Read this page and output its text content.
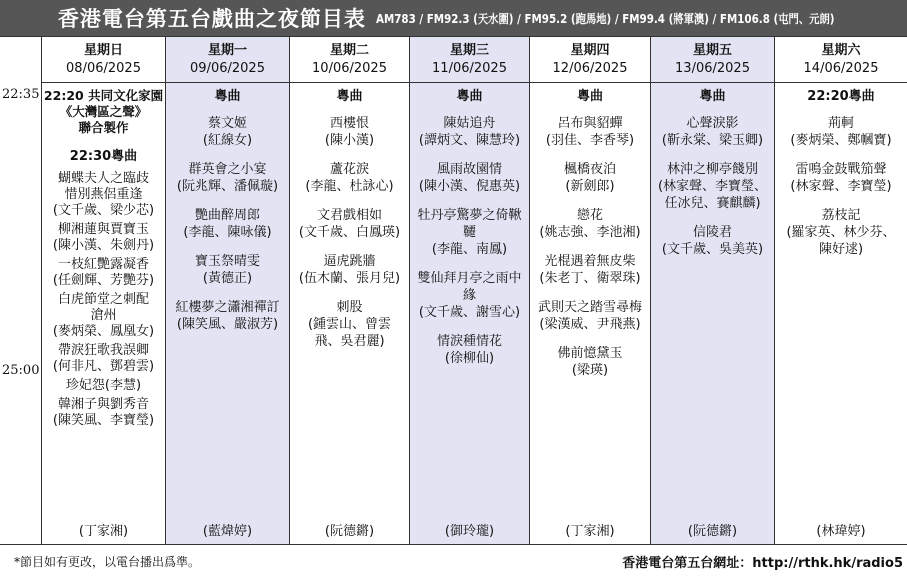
香港電台第五台戲曲之夜節目表 AM783 / FM92.3 (天水圍) / FM95.2 (跑馬地) / FM99.4 (將軍澳) / FM106.8 (屯門、元朗)
22:35
25:00
星期日
08/06/2025
22:20 共同文化家園
《大灣區之聲》
聯合製作
22:30粵曲
蝴蝶夫人之臨歧惜別燕侶重逢
(文千歲、梁少芯)
柳湘蓮與賈寶玉
(陳小漢、朱劍丹)
一枝紅艷露凝香
(任劍輝、芳艷芬)
白虎節堂之刺配滄州
(麥炳榮、鳳凰女)
帶淚狂歌我誤卿
(何非凡、鄧碧雲)
珍妃怨(李慧)
韓湘子與劉秀音
(陳笑風、李寶瑩)
(丁家湘)
星期一
09/06/2025
粵曲
蔡文姬
(紅線女)
群英會之小宴
(阮兆輝、潘佩璇)
艷曲醉周郎
(李龍、陳咏儀)
寶玉祭晴雯
(黃德正)
紅樓夢之瀟湘禪訂
(陳笑風、嚴淑芳)
(藍煒婷)
星期二
10/06/2025
粵曲
西樓恨
(陳小漢)
蘆花淚
(李龍、杜詠心)
文君戲相如
(文千歲、白鳳瑛)
逼虎跳牆
(伍木蘭、張月兒)
刺股
(鍾雲山、曾雲飛、吳君麗)
(阮德鏘)
星期三
11/06/2025
粵曲
陳姑追舟
(譚炳文、陳慧玲)
風雨故園情
(陳小漢、倪惠英)
牡丹亭驚夢之倚鞦韆
(李龍、南鳳)
雙仙拜月亭之雨中緣
(文千歲、謝雪心)
情淚種情花
(徐柳仙)
(御玲瓏)
星期四
12/06/2025
粵曲
呂布與貂蟬
(羽佳、李香琴)
楓橋夜泊
(新劍郎)
戀花
(姚志強、李池湘)
光棍遇着無皮柴
(朱老丁、衛翠珠)
武則天之踏雪尋梅
(梁漢威、尹飛燕)
佛前憶黛玉
(梁瑛)
(丁家湘)
星期五
13/06/2025
粵曲
心聲淚影
(靳永棠、梁玉卿)
林沖之柳亭餞別
(林家聲、李寶瑩、任冰兒、賽麒麟)
信陵君
(文千歲、吳美英)
(阮德鏘)
星期六
14/06/2025
22:20粵曲
荊軻
(麥炳榮、鄭幗寶)
雷鳴金鼓戰笳聲
(林家聲、李寶瑩)
荔枝記
(羅家英、林少芬、陳好逑)
(林瑋婷)
*節目如有更改，以電台播出爲準。	香港電台第五台網址：http://rthk.hk/radio5
